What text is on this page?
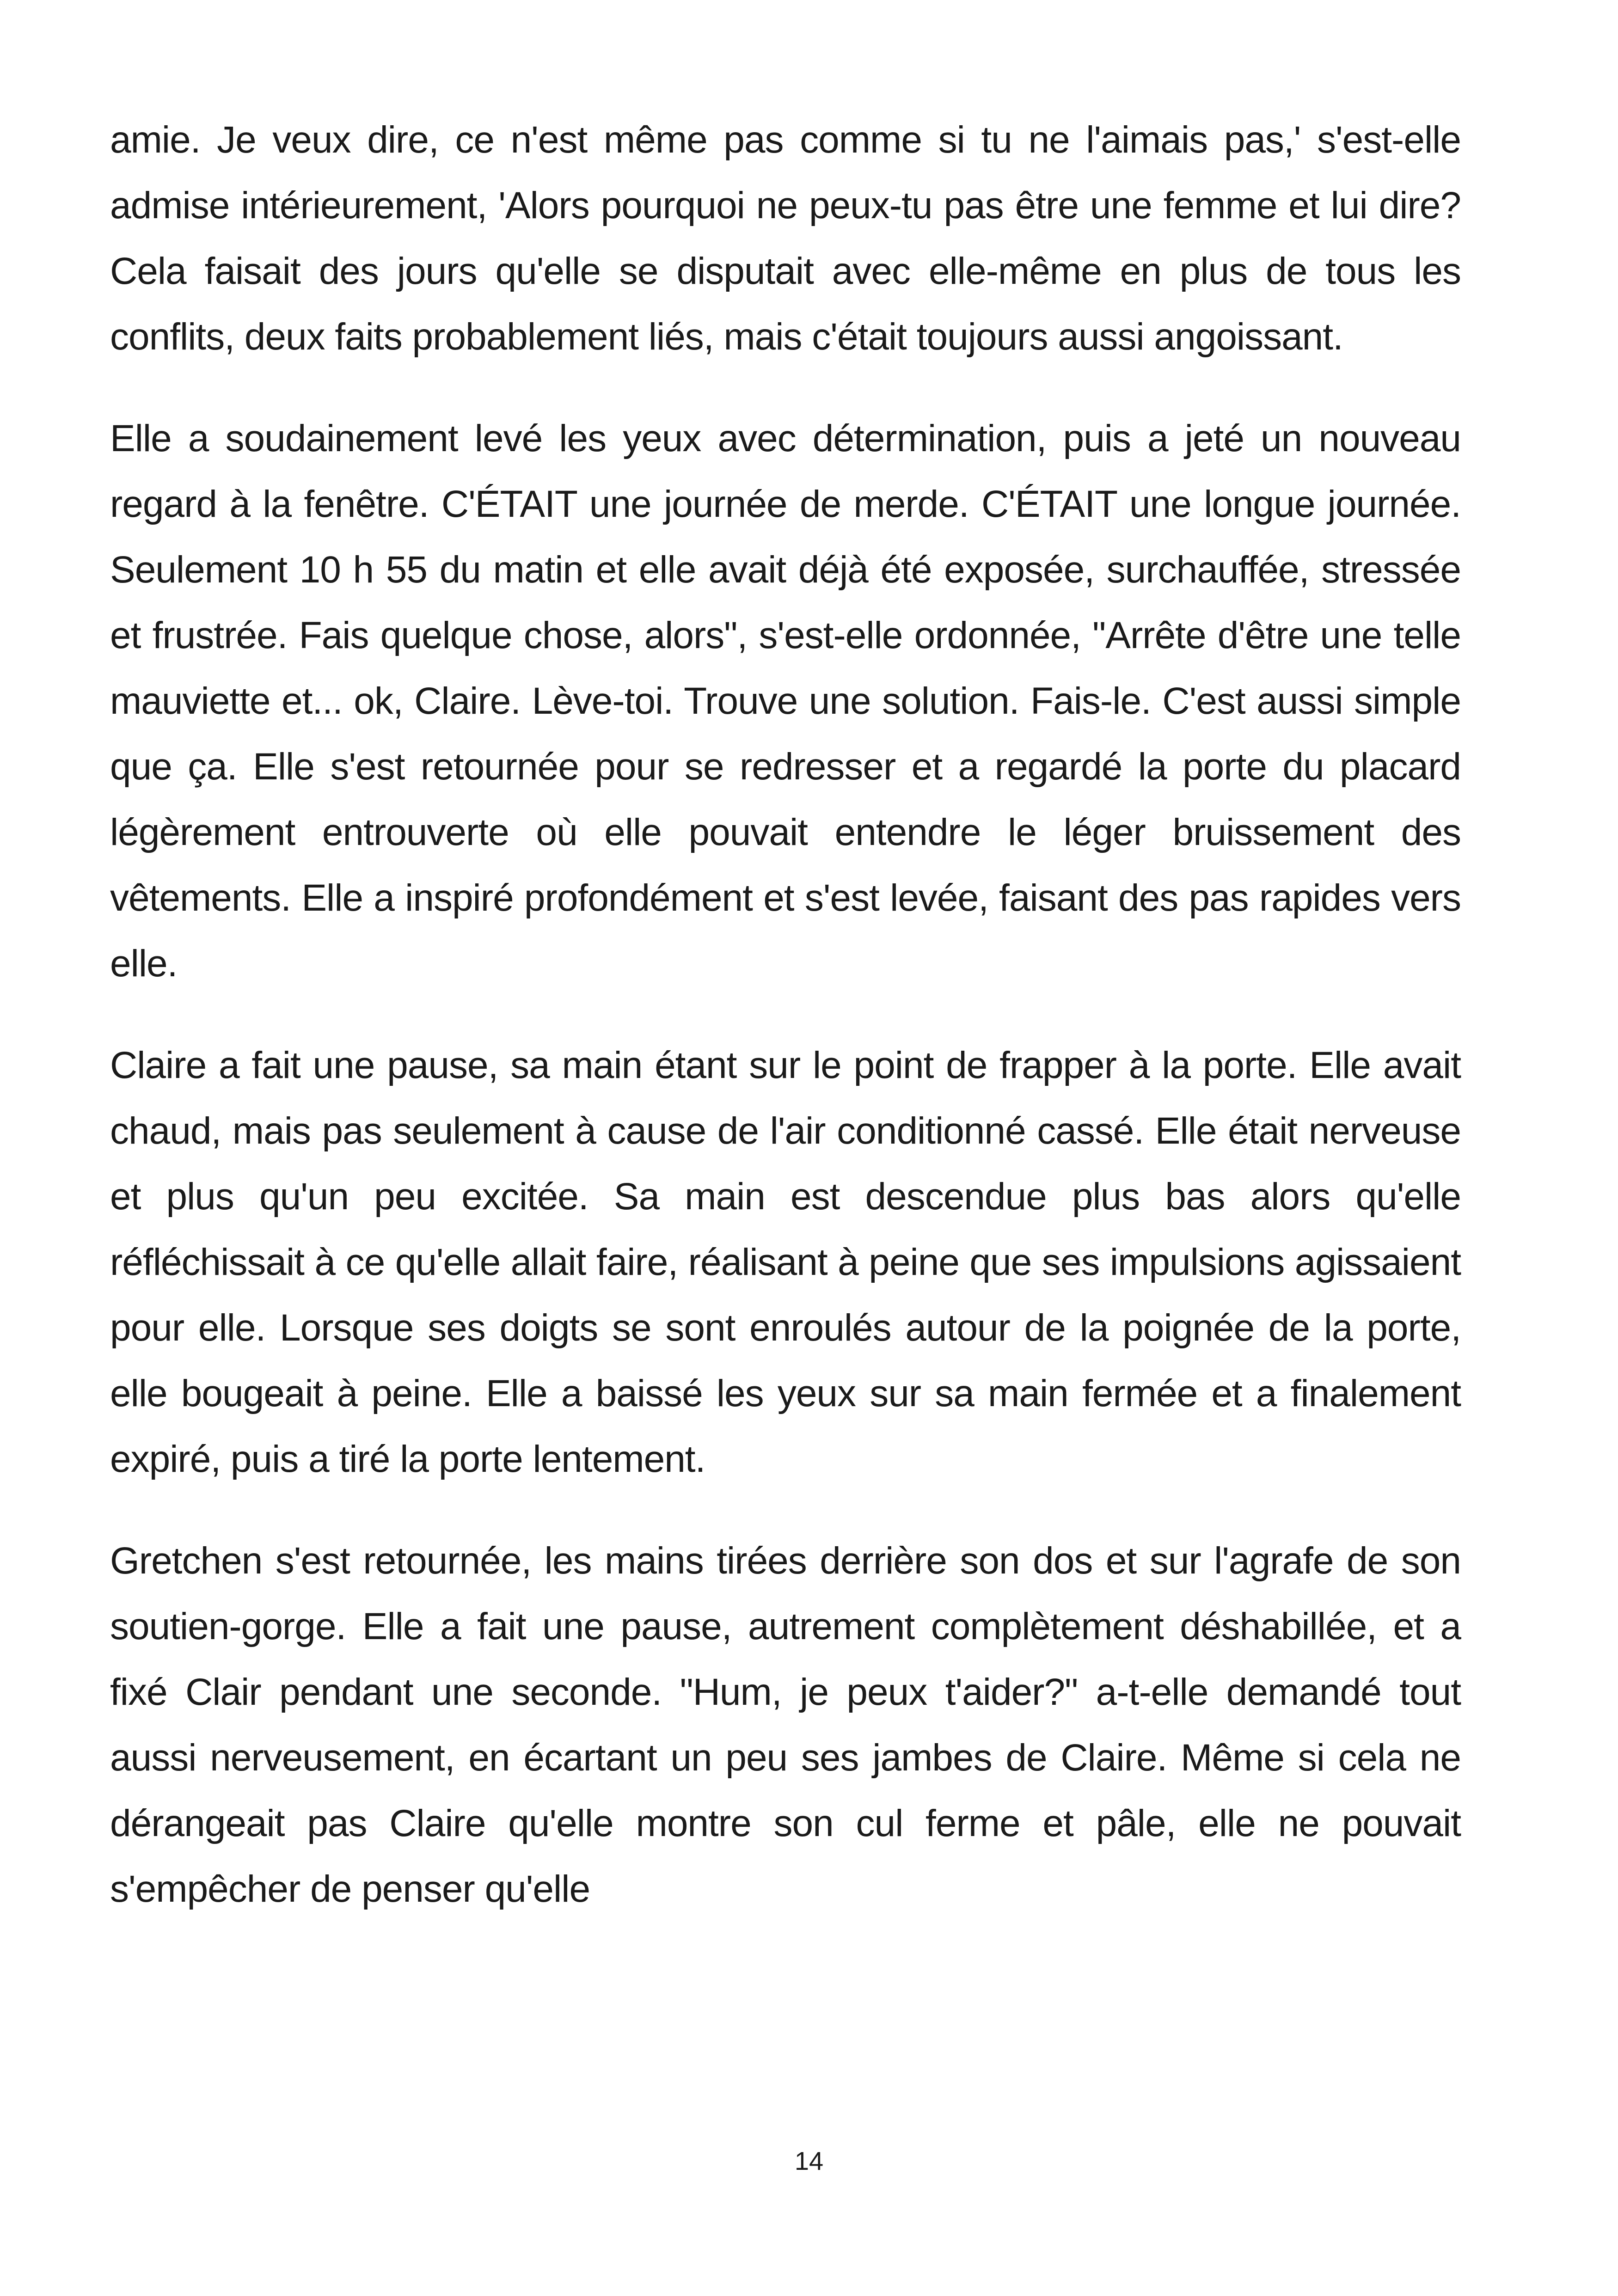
amie. Je veux dire, ce n'est même pas comme si tu ne l'aimais pas,' s'est-elle admise intérieurement, 'Alors pourquoi ne peux-tu pas être une femme et lui dire? Cela faisait des jours qu'elle se disputait avec elle-même en plus de tous les conflits, deux faits probablement liés, mais c'était toujours aussi angoissant.

Elle a soudainement levé les yeux avec détermination, puis a jeté un nouveau regard à la fenêtre. C'ÉTAIT une journée de merde. C'ÉTAIT une longue journée. Seulement 10 h 55 du matin et elle avait déjà été exposée, surchauffée, stressée et frustrée. Fais quelque chose, alors", s'est-elle ordonnée, "Arrête d'être une telle mauviette et... ok, Claire. Lève-toi. Trouve une solution. Fais-le. C'est aussi simple que ça. Elle s'est retournée pour se redresser et a regardé la porte du placard légèrement entrouverte où elle pouvait entendre le léger bruissement des vêtements. Elle a inspiré profondément et s'est levée, faisant des pas rapides vers elle.

Claire a fait une pause, sa main étant sur le point de frapper à la porte. Elle avait chaud, mais pas seulement à cause de l'air conditionné cassé. Elle était nerveuse et plus qu'un peu excitée. Sa main est descendue plus bas alors qu'elle réfléchissait à ce qu'elle allait faire, réalisant à peine que ses impulsions agissaient pour elle. Lorsque ses doigts se sont enroulés autour de la poignée de la porte, elle bougeait à peine. Elle a baissé les yeux sur sa main fermée et a finalement expiré, puis a tiré la porte lentement.

Gretchen s'est retournée, les mains tirées derrière son dos et sur l'agrafe de son soutien-gorge. Elle a fait une pause, autrement complètement déshabillée, et a fixé Clair pendant une seconde. "Hum, je peux t'aider?" a-t-elle demandé tout aussi nerveusement, en écartant un peu ses jambes de Claire. Même si cela ne dérangeait pas Claire qu'elle montre son cul ferme et pâle, elle ne pouvait s'empêcher de penser qu'elle

14
